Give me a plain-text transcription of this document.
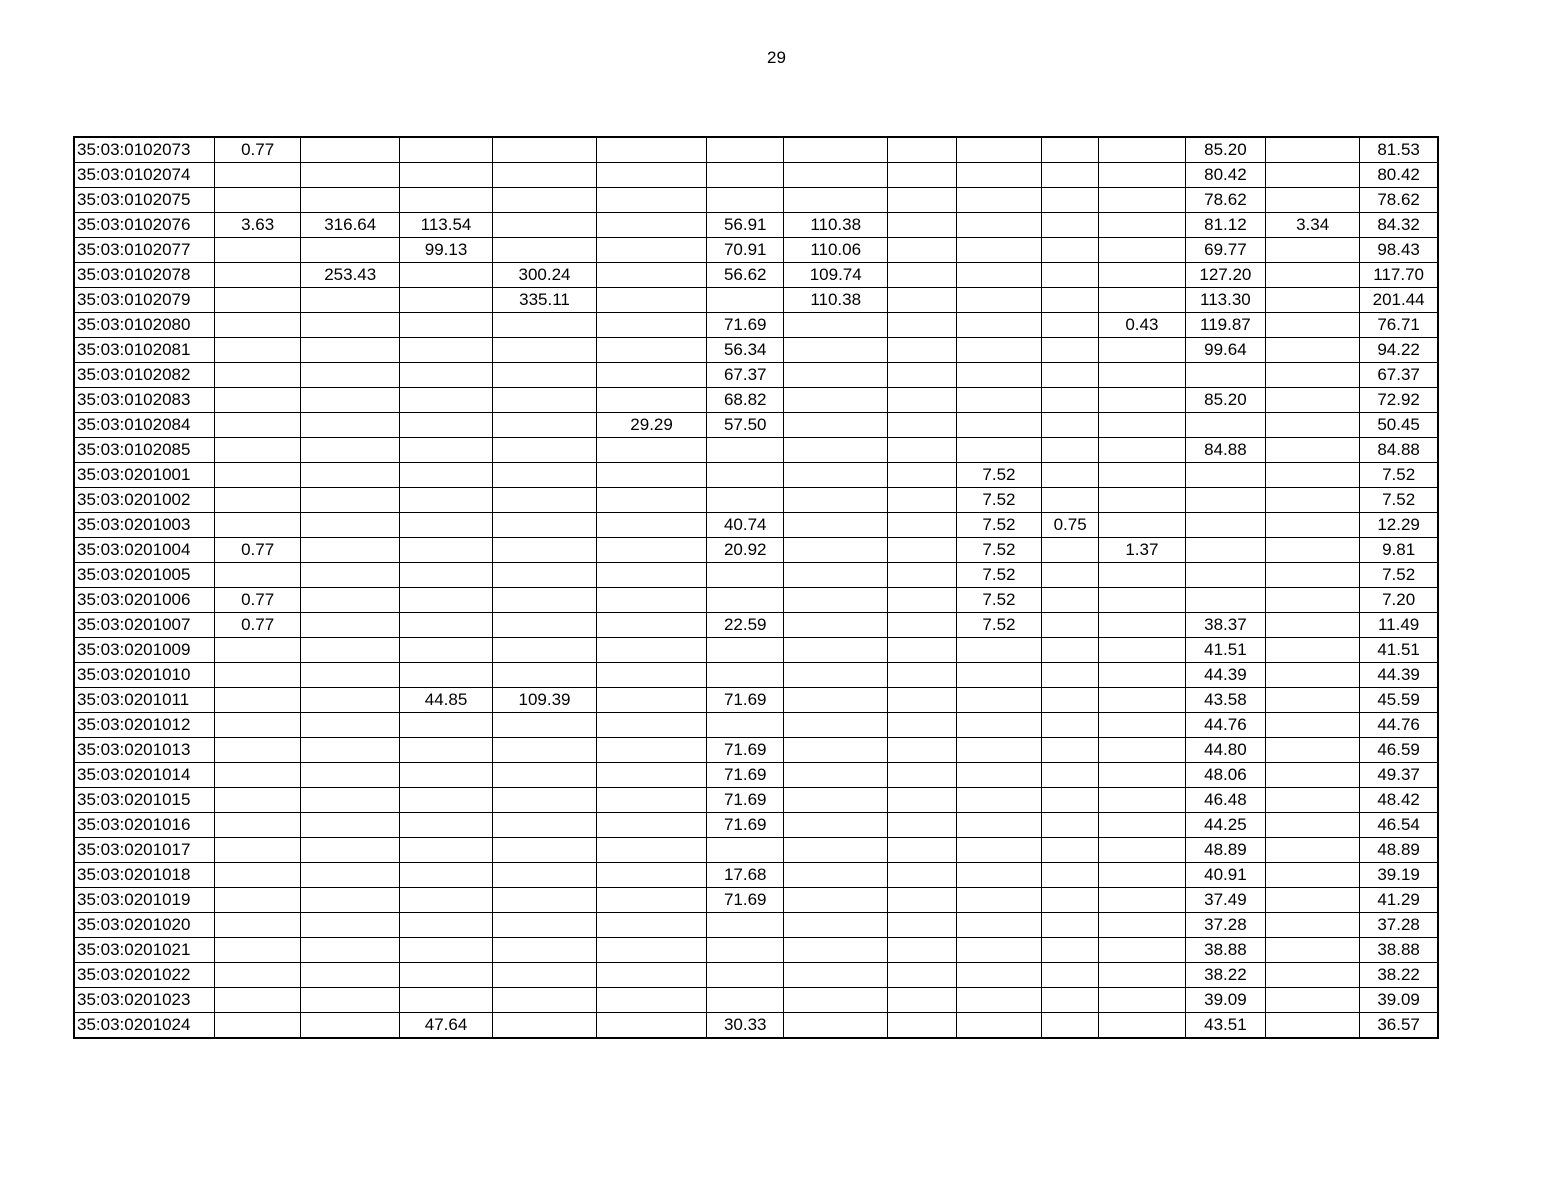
29
35:03:0102073	0.77											85.20		81.53
35:03:0102074												80.42		80.42
35:03:0102075												78.62		78.62
35:03:0102076	3.63	316.64	113.54			56.91	110.38					81.12	3.34	84.32
35:03:0102077			99.13			70.91	110.06					69.77		98.43
35:03:0102078		253.43		300.24		56.62	109.74					127.20		117.70
35:03:0102079				335.11			110.38					113.30		201.44
35:03:0102080						71.69					0.43	119.87		76.71
35:03:0102081						56.34						99.64		94.22
35:03:0102082						67.37								67.37
35:03:0102083						68.82						85.20		72.92
35:03:0102084					29.29	57.50								50.45
35:03:0102085												84.88		84.88
35:03:0201001									7.52					7.52
35:03:0201002									7.52					7.52
35:03:0201003						40.74			7.52	0.75				12.29
35:03:0201004	0.77					20.92			7.52		1.37			9.81
35:03:0201005									7.52					7.52
35:03:0201006	0.77								7.52					7.20
35:03:0201007	0.77					22.59			7.52			38.37		11.49
35:03:0201009												41.51		41.51
35:03:0201010												44.39		44.39
35:03:0201011			44.85	109.39		71.69						43.58		45.59
35:03:0201012												44.76		44.76
35:03:0201013						71.69						44.80		46.59
35:03:0201014						71.69						48.06		49.37
35:03:0201015						71.69						46.48		48.42
35:03:0201016						71.69						44.25		46.54
35:03:0201017												48.89		48.89
35:03:0201018						17.68						40.91		39.19
35:03:0201019						71.69						37.49		41.29
35:03:0201020												37.28		37.28
35:03:0201021												38.88		38.88
35:03:0201022												38.22		38.22
35:03:0201023												39.09		39.09
35:03:0201024			47.64			30.33						43.51		36.57
